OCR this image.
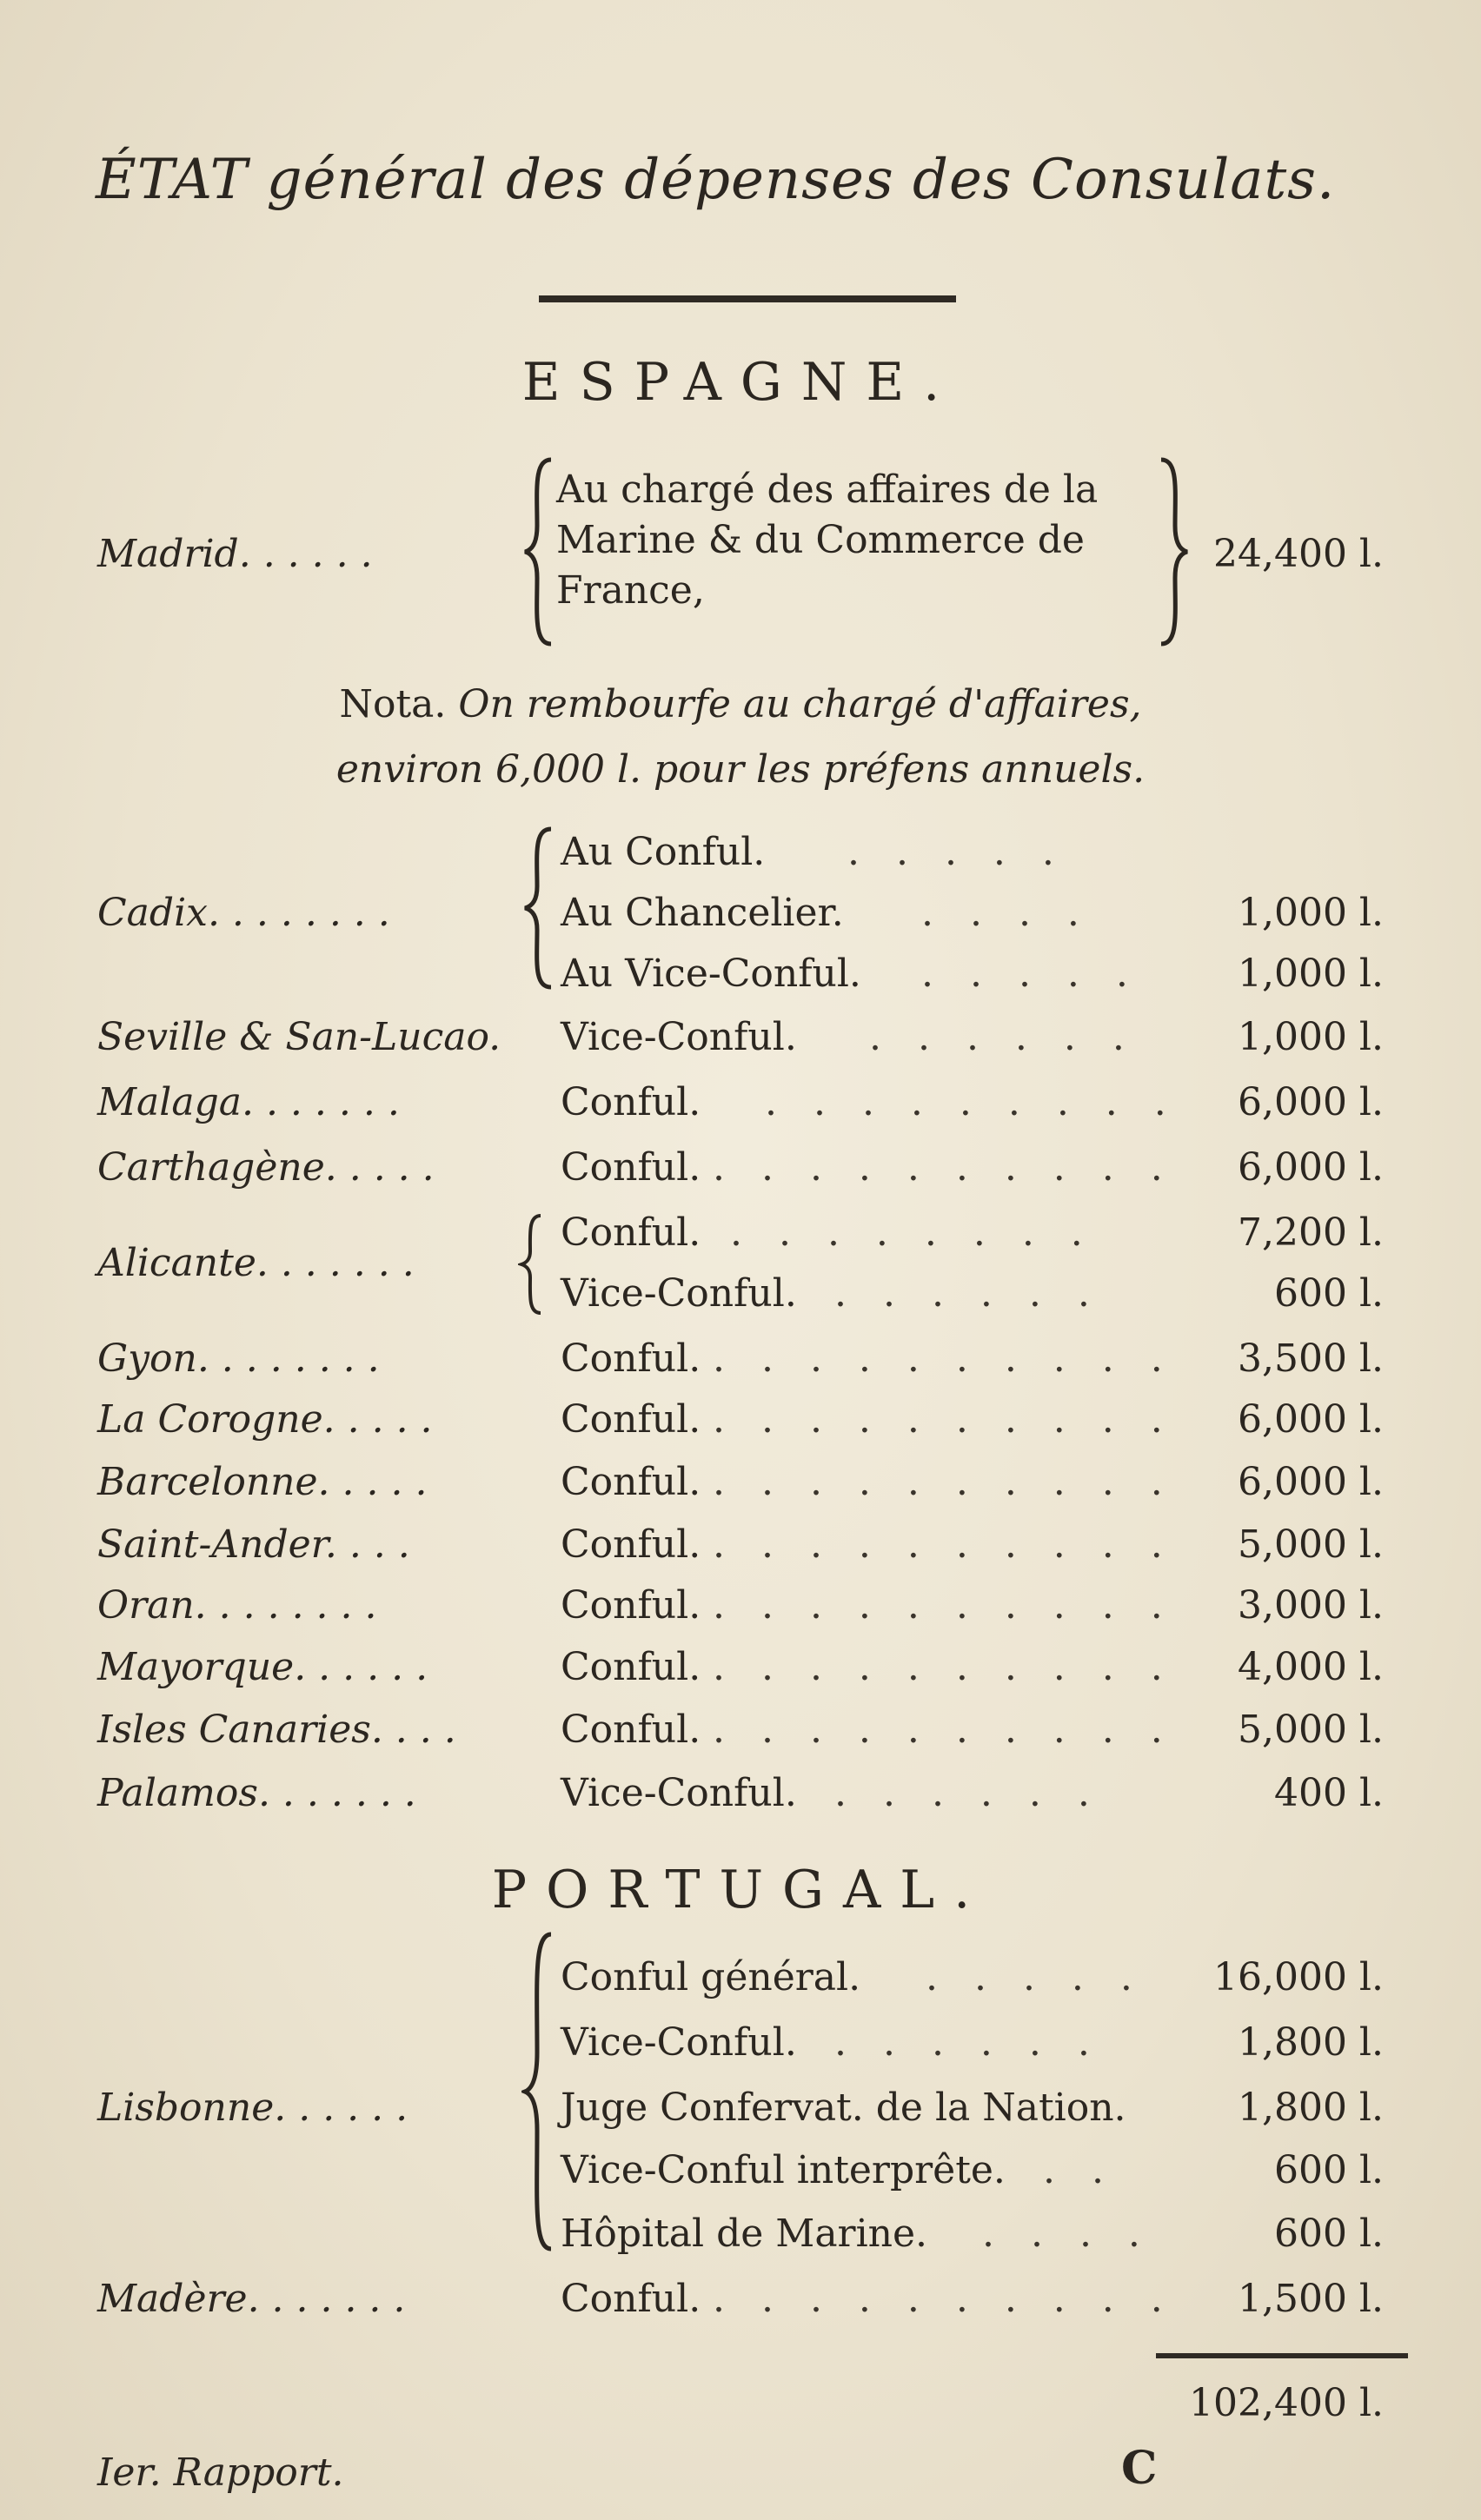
ÉTAT général des dépenses des Consulats.
ESPAGNE.
Madrid. . . . . .
Au chargé des affaires de la
Marine & du Commerce de
France,
24,400 l.
Nota. On rembourfe au chargé d'affaires,
environ 6,000 l. pour les préfens annuels.
Cadix. . . . . . . .
Au Conful. . . . . .
Au Chancelier. . . . .	1,000 l.
Au Vice-Conful. . . . . .	1,000 l.
Seville & San-Lucao. Vice-Conful. . . . . . .	1,000 l.
Malaga. . . . . . .	Conful. . . . . . . . . . 6,000 l.
Carthagène. . . . .	Conful. . . . . . . . . . . 6,000 l.
Alicante. . . . . . .
Conful. . . . . . . . .	7,200 l.
Vice-Conful. . . . . . .	600 l.
Gyon. . . . . . . .	Conful. . . . . . . . . . . 3,500 l.
La Corogne. . . . .	Conful. . . . . . . . . . . 6,000 l.
Barcelonne. . . . .	Conful. . . . . . . . . . . 6,000 l.
Saint-Ander. . . .	Conful. . . . . . . . . . . 5,000 l.
Oran. . . . . . . .	Conful. . . . . . . . . . . 3,000 l.
Mayorque. . . . . .	Conful. . . . . . . . . . . 4,000 l.
Isles Canaries. . . .	Conful. . . . . . . . . . . 5,000 l.
Palamos. . . . . . .	Vice-Conful. . . . . . .	400 l.
PORTUGAL.
Lisbonne. . . . . .
Conful général. . . . . . 16,000 l.
Vice-Conful. . . . . . .	1,800 l.
Juge Confervat. de la Nation.	1,800 l.
Vice-Conful interprête. . .	600 l.
Hôpital de Marine. . . . .	600 l.
Madère. . . . . . .	Conful. . . . . . . . . . . 1,500 l.
102,400 l.
Ier. Rapport.	C
